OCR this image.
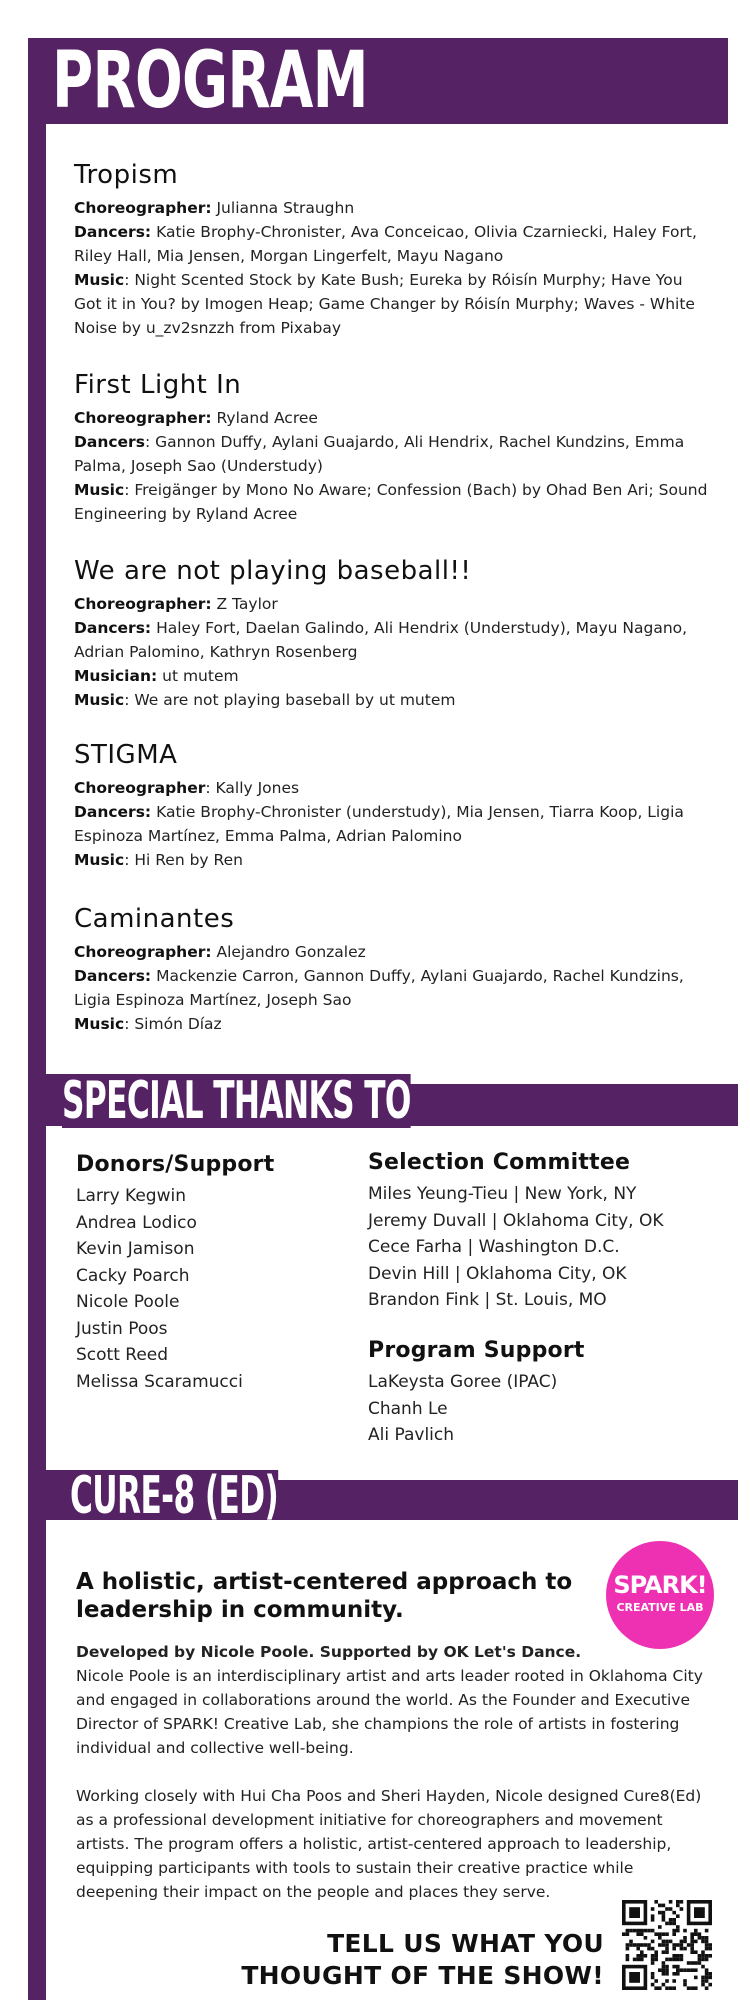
PROGRAM
Tropism
Choreographer: Julianna Straughn
Dancers: Katie Brophy-Chronister, Ava Conceicao, Olivia Czarniecki, Haley Fort, Riley Hall, Mia Jensen, Morgan Lingerfelt, Mayu Nagano
Music: Night Scented Stock by Kate Bush; Eureka by Róisín Murphy; Have You Got it in You? by Imogen Heap; Game Changer by Róisín Murphy; Waves - White Noise by u_zv2snzzh from Pixabay
First Light In
Choreographer: Ryland Acree
Dancers: Gannon Duffy, Aylani Guajardo, Ali Hendrix, Rachel Kundzins, Emma Palma, Joseph Sao (Understudy)
Music: Freigänger by Mono No Aware; Confession (Bach) by Ohad Ben Ari; Sound Engineering by Ryland Acree
We are not playing baseball!!
Choreographer: Z Taylor
Dancers: Haley Fort, Daelan Galindo, Ali Hendrix (Understudy), Mayu Nagano, Adrian Palomino, Kathryn Rosenberg
Musician: ut mutem
Music: We are not playing baseball by ut mutem
STIGMA
Choreographer: Kally Jones
Dancers: Katie Brophy-Chronister (understudy), Mia Jensen, Tiarra Koop, Ligia Espinoza Martínez, Emma Palma, Adrian Palomino
Music: Hi Ren by Ren
Caminantes
Choreographer: Alejandro Gonzalez
Dancers: Mackenzie Carron, Gannon Duffy, Aylani Guajardo, Rachel Kundzins, Ligia Espinoza Martínez, Joseph Sao
Music: Simón Díaz
SPECIAL THANKS TO
Donors/Support
Larry Kegwin
Andrea Lodico
Kevin Jamison
Cacky Poarch
Nicole Poole
Justin Poos
Scott Reed
Melissa Scaramucci
Selection Committee
Miles Yeung-Tieu | New York, NY
Jeremy Duvall | Oklahoma City, OK
Cece Farha | Washington D.C.
Devin Hill | Oklahoma City, OK
Brandon Fink | St. Louis, MO
Program Support
LaKeysta Goree (IPAC)
Chanh Le
Ali Pavlich
CURE-8 (ED)
SPARK!
CREATIVE LAB
A holistic, artist-centered approach to leadership in community.
Developed by Nicole Poole. Supported by OK Let's Dance.
Nicole Poole is an interdisciplinary artist and arts leader rooted in Oklahoma City and engaged in collaborations around the world. As the Founder and Executive Director of SPARK! Creative Lab, she champions the role of artists in fostering individual and collective well-being.
Working closely with Hui Cha Poos and Sheri Hayden, Nicole designed Cure8(Ed) as a professional development initiative for choreographers and movement artists. The program offers a holistic, artist-centered approach to leadership, equipping participants with tools to sustain their creative practice while deepening their impact on the people and places they serve.
TELL US WHAT YOU
THOUGHT OF THE SHOW!
